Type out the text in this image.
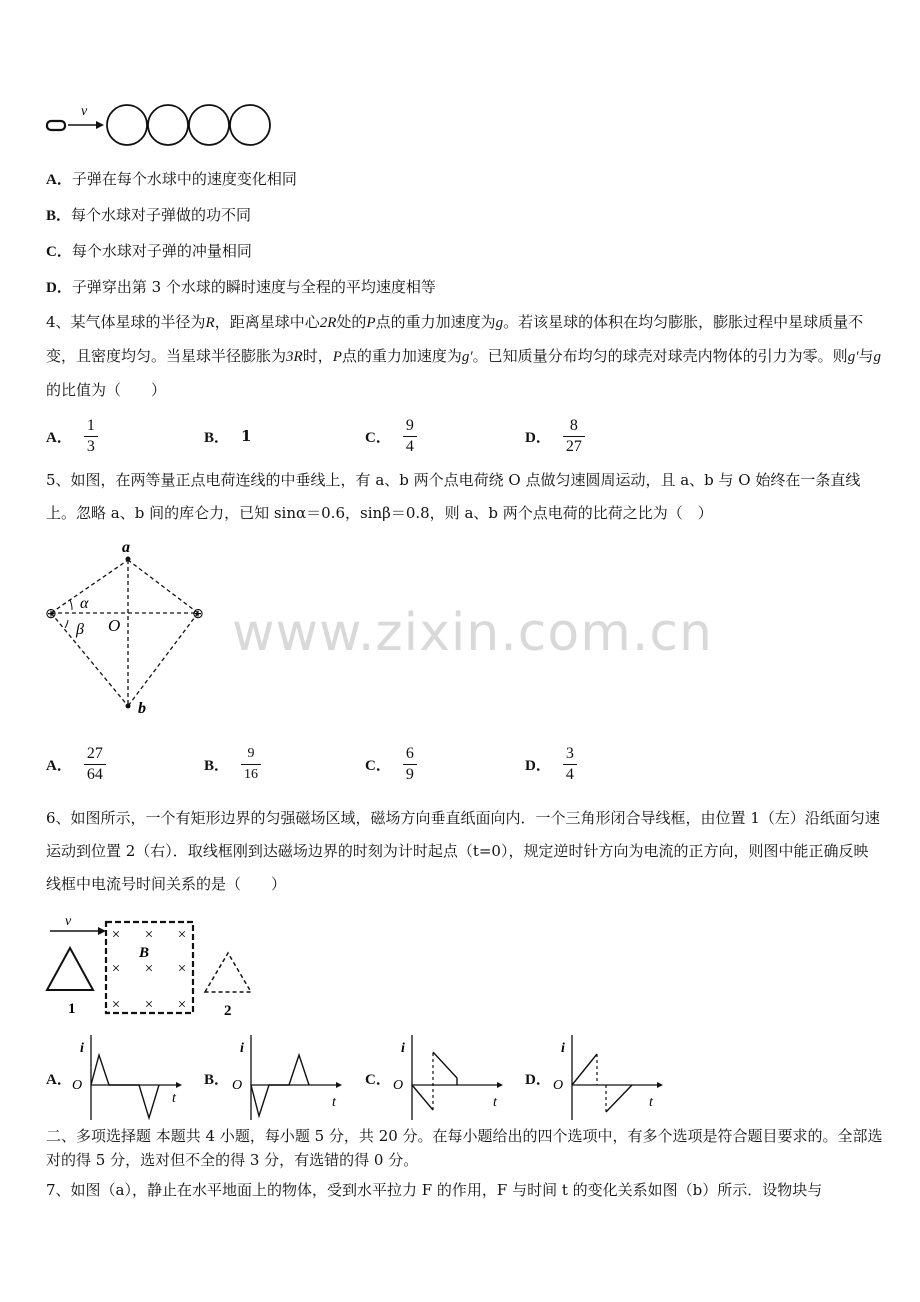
v
A．子弹在每个水球中的速度变化相同
B．每个水球对子弹做的功不同
C．每个水球对子弹的冲量相同
D．子弹穿出第 3 个水球的瞬时速度与全程的平均速度相等
4、某气体星球的半径为R，距离星球中心2R处的P点的重力加速度为g。若该星球的体积在均匀膨胀，膨胀过程中星球质量不变，且密度均匀。当星球半径膨胀为3R时，P点的重力加速度为g′。已知质量分布均匀的球壳对球壳内物体的引力为零。则g′与g的比值为（　　）
A． $\frac{1}{3}$	B． 1	C． $\frac{9}{4}$	D． $\frac{8}{27}$
5、如图，在两等量正点电荷连线的中垂线上，有 a、b 两个点电荷绕 O 点做匀速圆周运动，且 a、b 与 O 始终在一条直线上。忽略 a、b 间的库仑力，已知 sinα＝0.6，sinβ＝0.8，则 a、b 两个点电荷的比荷之比为（　）
⊕	⊕
a
b
O
α
β
A． $\frac{27}{64}$	B． $\frac{9}{16}$	C． $\frac{6}{9}$	D． $\frac{3}{4}$
6、如图所示，一个有矩形边界的匀强磁场区域，磁场方向垂直纸面向内．一个三角形闭合导线框，由位置 1（左）沿纸面匀速运动到位置 2（右）．取线框刚到达磁场边界的时刻为计时起点（t=0），规定逆时针方向为电流的正方向，则图中能正确反映线框中电流号时间关系的是（　　）
v
1
× × ×
× × ×
× × ×
B
2
A．
i
O
t
B．
i
O
t
C．
i
O
t
D．
i
O
t
二、多项选择题 本题共 4 小题，每小题 5 分，共 20 分。在每小题给出的四个选项中，有多个选项是符合题目要求的。全部选对的得 5 分，选对但不全的得 3 分，有选错的得 0 分。
7、如图（a），静止在水平地面上的物体，受到水平拉力 F 的作用，F 与时间 t 的变化关系如图（b）所示．设物块与
www.zixin.com.cn
